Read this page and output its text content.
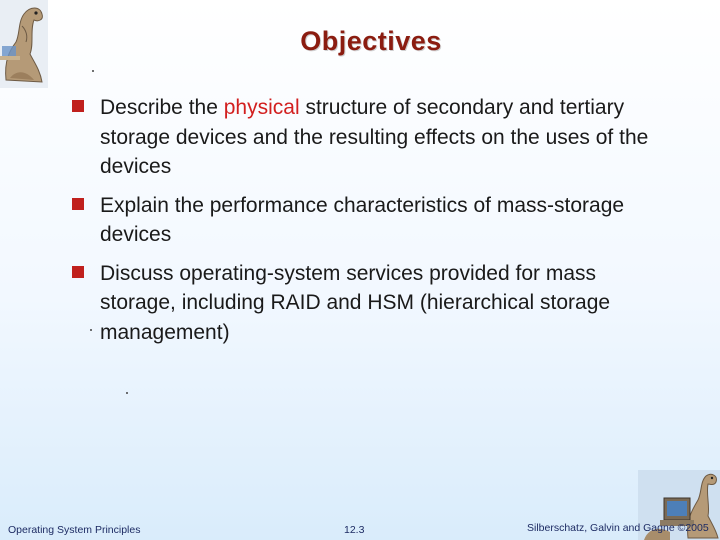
Objectives
Describe the physical structure of secondary and tertiary storage devices and the resulting effects on the uses of the devices
Explain the performance characteristics of mass-storage devices
Discuss operating-system services provided for mass storage, including RAID and HSM (hierarchical storage management)
Operating System Principles	12.3	Silberschatz, Galvin and Gagne ©2005
